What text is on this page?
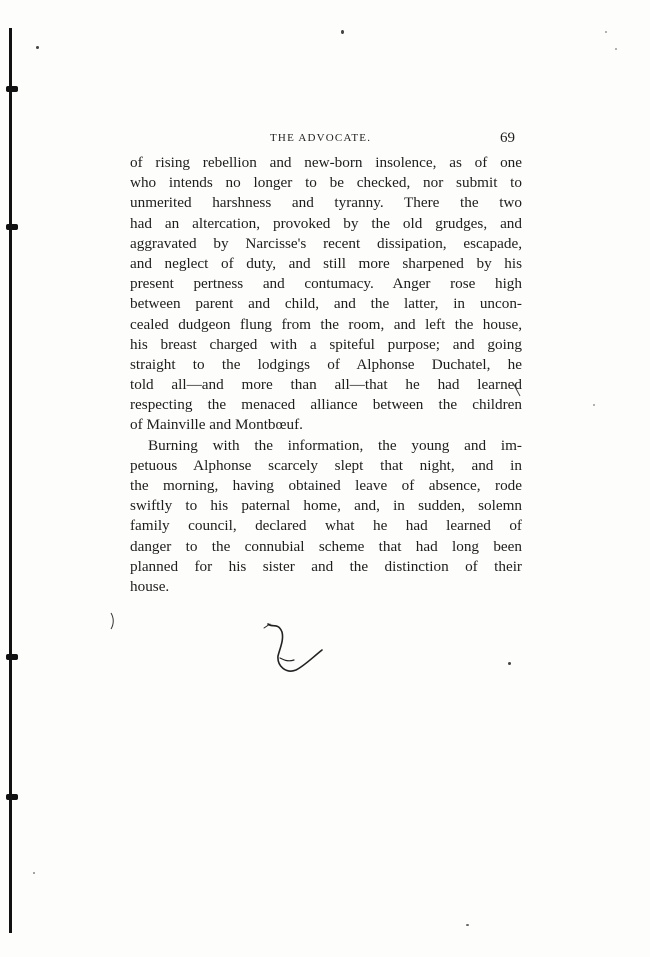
THE ADVOCATE.	69
of rising rebellion and new-born insolence, as of one
who intends no longer to be checked, nor submit to
unmerited harshness and tyranny. There the two
had an altercation, provoked by the old grudges, and
aggravated by Narcisse's recent dissipation, escapade,
and neglect of duty, and still more sharpened by his
present pertness and contumacy. Anger rose high
between parent and child, and the latter, in uncon-
cealed dudgeon flung from the room, and left the house,
his breast charged with a spiteful purpose; and going
straight to the lodgings of Alphonse Duchatel, he
told all—and more than all—that he had learned
respecting the menaced alliance between the children
of Mainville and Montbœuf.
Burning with the information, the young and im-
petuous Alphonse scarcely slept that night, and in
the morning, having obtained leave of absence, rode
swiftly to his paternal home, and, in sudden, solemn
family council, declared what he had learned of
danger to the connubial scheme that had long been
planned for his sister and the distinction of their
house.
